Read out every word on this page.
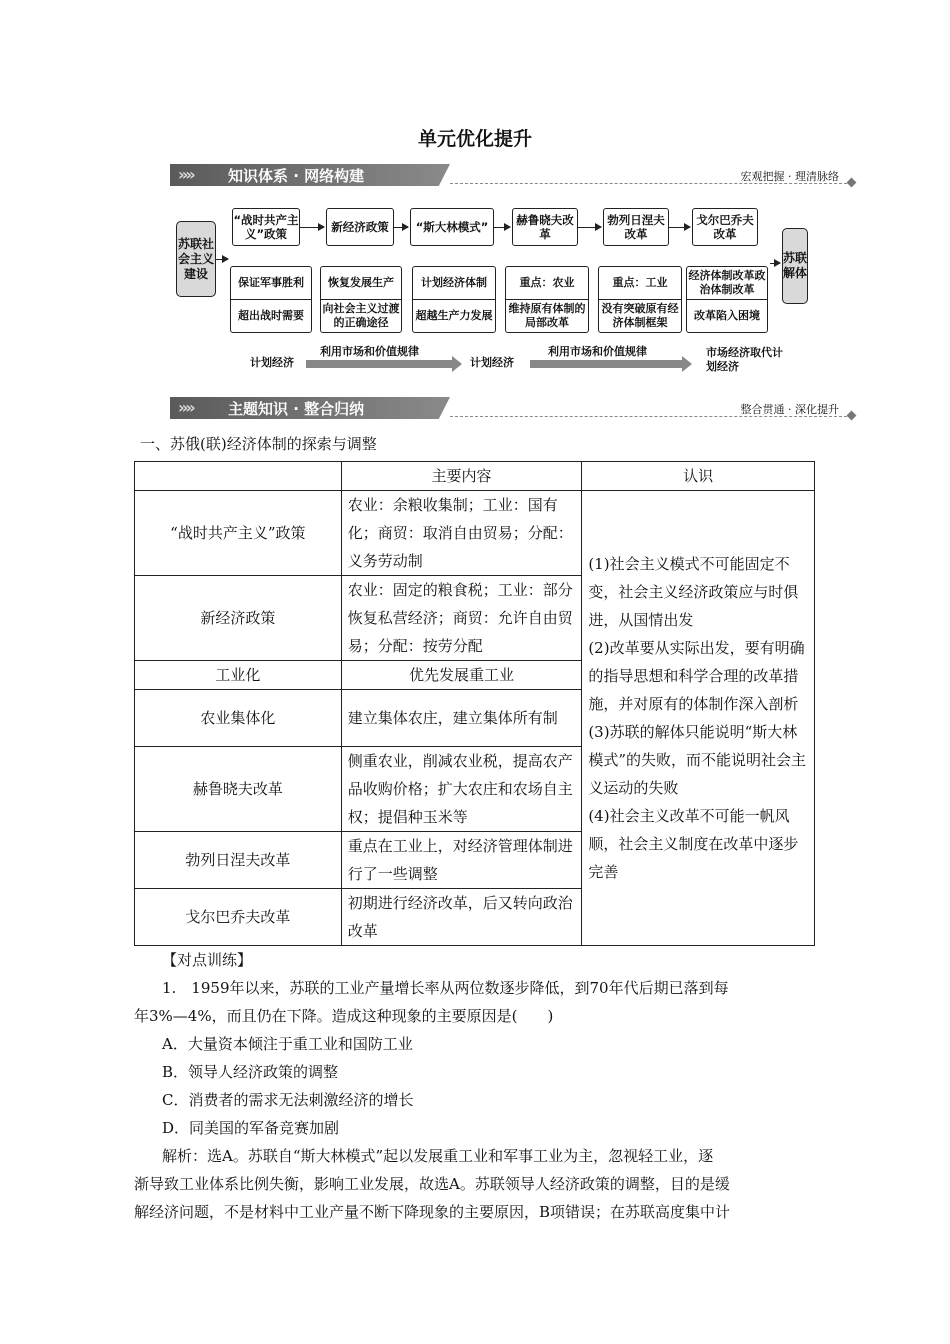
单元优化提升
»» 知识体系 · 网络构建	宏观把握 · 理清脉络
苏联社会主义建设
苏联解体
“战时共产主义”政策	新经济政策	“斯大林模式”	赫鲁晓夫改革
勃列日涅夫改革
戈尔巴乔夫改革
保证军事胜利
超出战时需要
恢复发展生产
向社会主义过渡的正确途径
计划经济体制
超越生产力发展
重点：农业
维持原有体制的局部改革
重点：工业
没有突破原有经济体制框架
经济体制改革政治体制改革
改革陷入困境
计划经济
利用市场和价值规律
计划经济
利用市场和价值规律	市场经济取代计划经济
»» 主题知识 · 整合归纳	整合贯通 · 深化提升
一、苏俄(联)经济体制的探索与调整
	主要内容	认识
“战时共产主义”政策	农业：余粮收集制；工业：国有化；商贸：取消自由贸易；分配：义务劳动制	(1)社会主义模式不可能固定不变，社会主义经济政策应与时俱进，从国情出发
(2)改革要从实际出发，要有明确的指导思想和科学合理的改革措施，并对原有的体制作深入剖析
(3)苏联的解体只能说明“斯大林模式”的失败，而不能说明社会主义运动的失败
(4)社会主义改革不可能一帆风顺，社会主义制度在改革中逐步完善
新经济政策	农业：固定的粮食税；工业：部分恢复私营经济；商贸：允许自由贸易；分配：按劳分配	
工业化	优先发展重工业	
农业集体化	建立集体农庄，建立集体所有制	
赫鲁晓夫改革	侧重农业，削减农业税，提高农产品收购价格；扩大农庄和农场自主权；提倡种玉米等	
勃列日涅夫改革	重点在工业上，对经济管理体制进行了一些调整	
戈尔巴乔夫改革	初期进行经济改革，后又转向政治改革	
【对点训练】
1.　1959年以来，苏联的工业产量增长率从两位数逐步降低，到70年代后期已落到每
年3%—4%，而且仍在下降。造成这种现象的主要原因是(　　)
A．大量资本倾注于重工业和国防工业
B．领导人经济政策的调整
C．消费者的需求无法刺激经济的增长
D．同美国的军备竞赛加剧
解析：选A。苏联自“斯大林模式”起以发展重工业和军事工业为主，忽视轻工业，逐
渐导致工业体系比例失衡，影响工业发展，故选A。苏联领导人经济政策的调整，目的是缓
解经济问题，不是材料中工业产量不断下降现象的主要原因，B项错误；在苏联高度集中计
